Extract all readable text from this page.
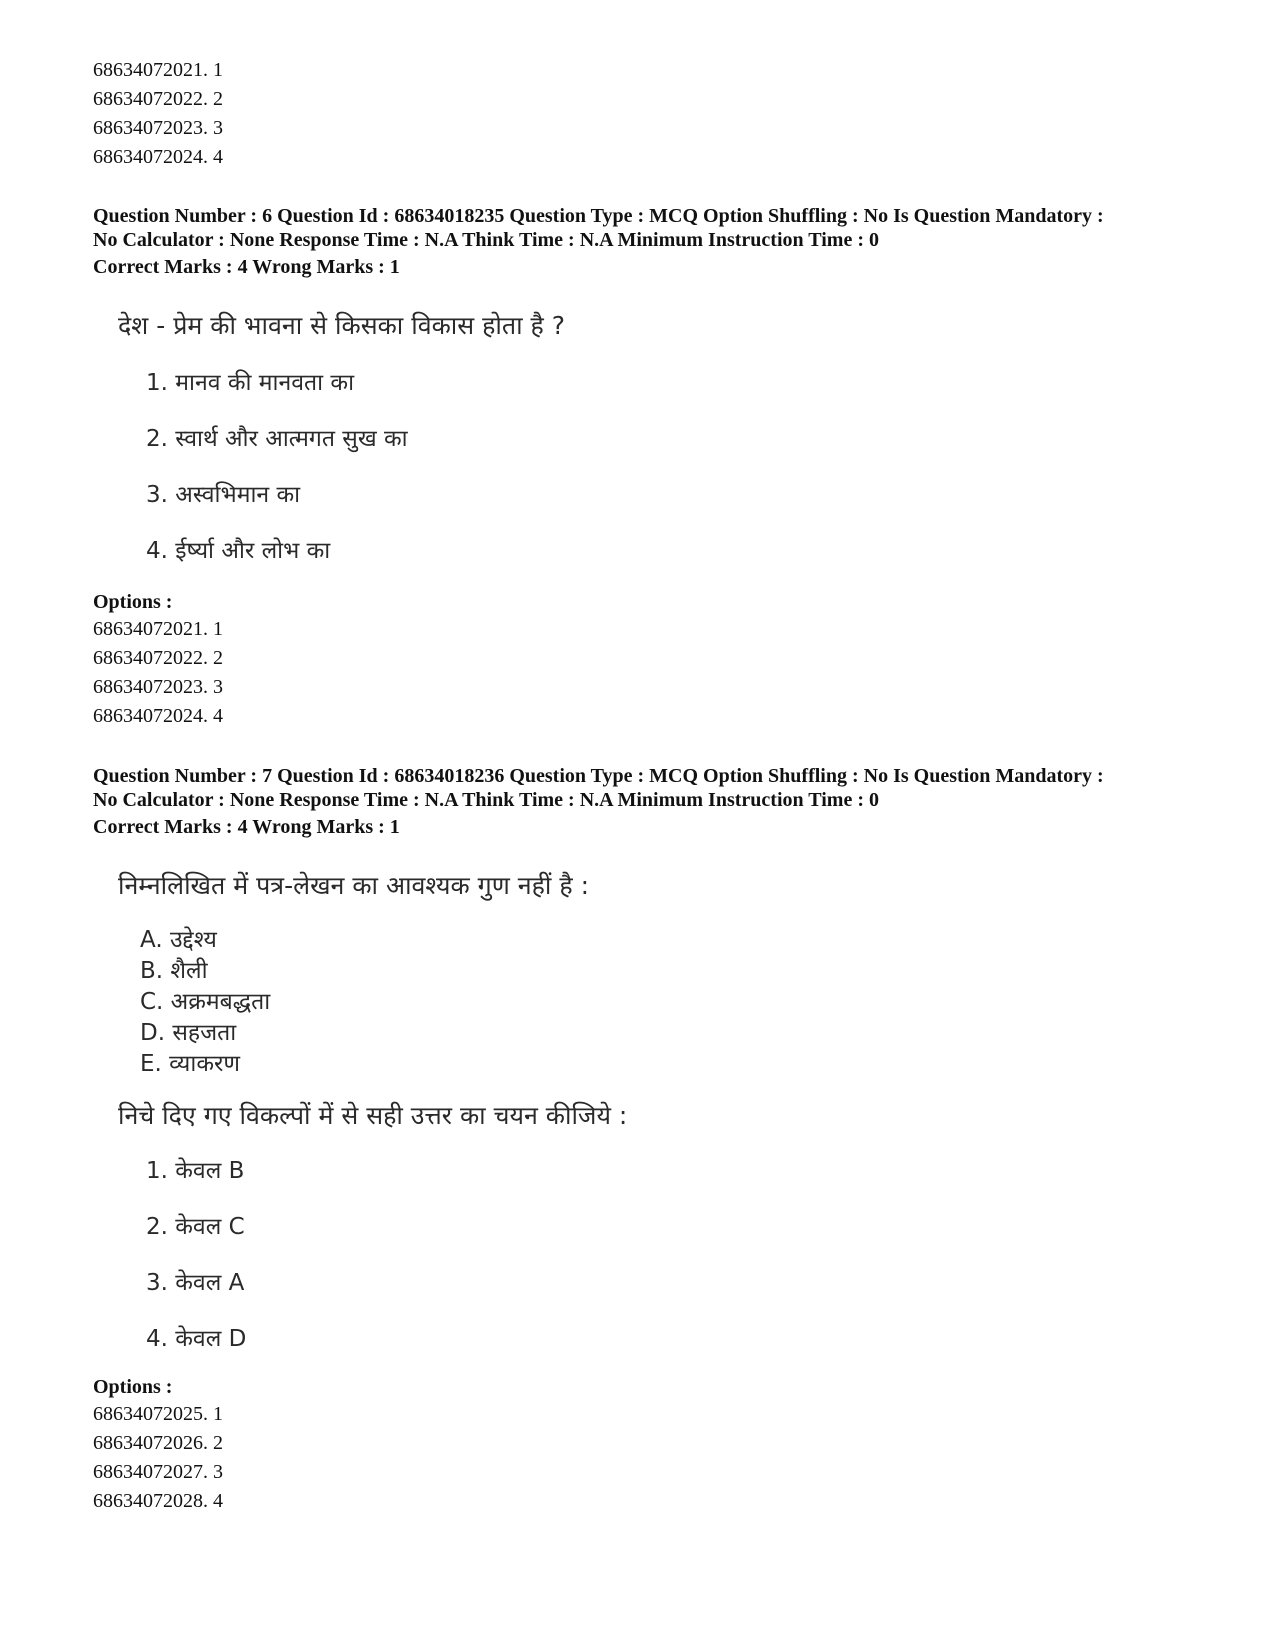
68634072021. 1
68634072022. 2
68634072023. 3
68634072024. 4
Question Number : 6 Question Id : 68634018235 Question Type : MCQ Option Shuffling : No Is Question Mandatory :
No Calculator : None Response Time : N.A Think Time : N.A Minimum Instruction Time : 0
Correct Marks : 4 Wrong Marks : 1
देश - प्रेम की भावना से किसका विकास होता है ?
1. मानव की मानवता का
2. स्वार्थ और आत्मगत सुख का
3. अस्वभिमान का
4. ईर्ष्या और लोभ का
Options :
68634072021. 1
68634072022. 2
68634072023. 3
68634072024. 4
Question Number : 7 Question Id : 68634018236 Question Type : MCQ Option Shuffling : No Is Question Mandatory :
No Calculator : None Response Time : N.A Think Time : N.A Minimum Instruction Time : 0
Correct Marks : 4 Wrong Marks : 1
निम्नलिखित में पत्र-लेखन का आवश्यक गुण नहीं है :
A. उद्देश्य
B. शैली
C. अक्रमबद्धता
D. सहजता
E. व्याकरण
निचे दिए गए विकल्पों में से सही उत्तर का चयन कीजिये :
1. केवल B
2. केवल C
3. केवल A
4. केवल D
Options :
68634072025. 1
68634072026. 2
68634072027. 3
68634072028. 4
